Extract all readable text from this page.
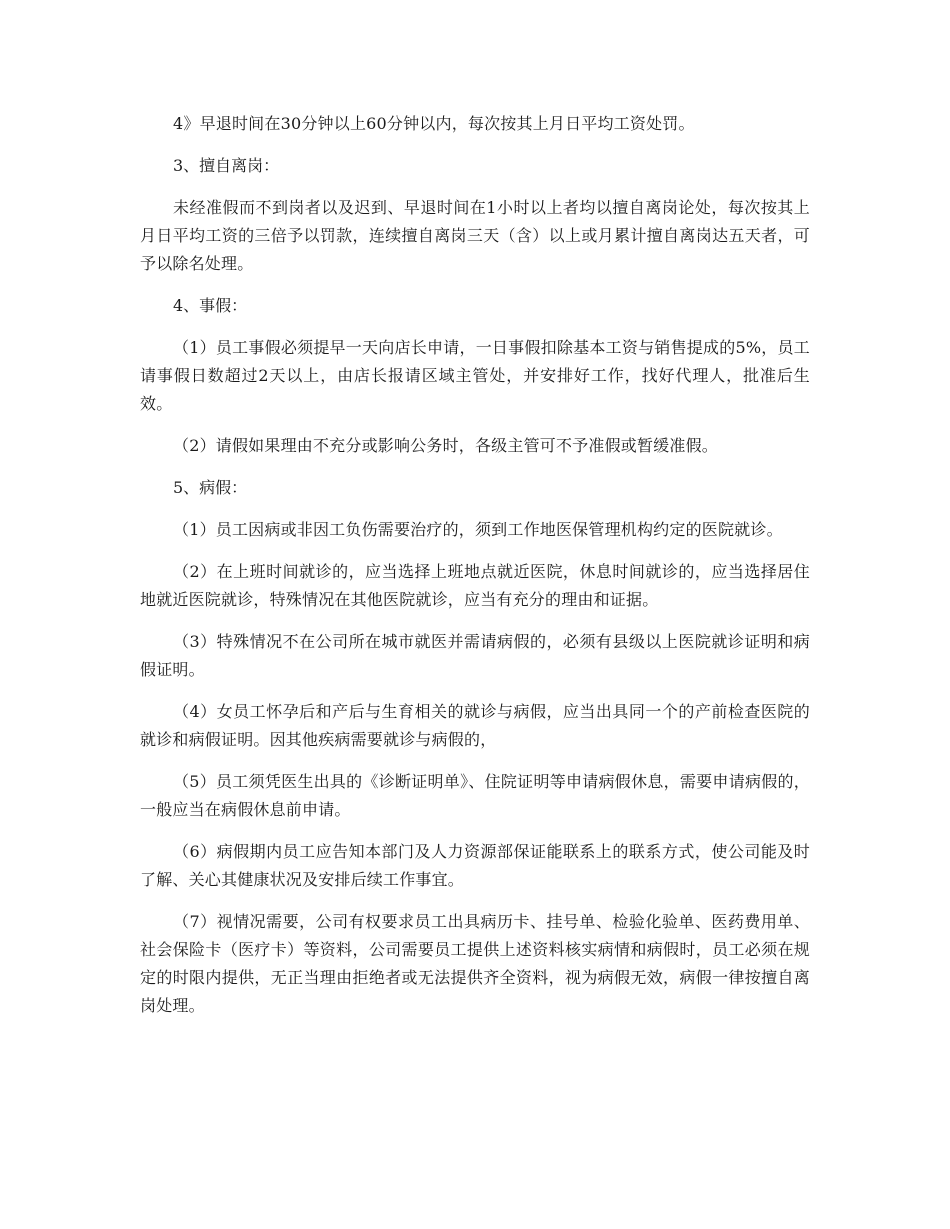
4》早退时间在30分钟以上60分钟以内，每次按其上月日平均工资处罚。

3、擅自离岗：

未经准假而不到岗者以及迟到、早退时间在1小时以上者均以擅自离岗论处，每次按其上月日平均工资的三倍予以罚款，连续擅自离岗三天（含）以上或月累计擅自离岗达五天者，可予以除名处理。

4、事假：

（1）员工事假必须提早一天向店长申请，一日事假扣除基本工资与销售提成的5%，员工请事假日数超过2天以上，由店长报请区域主管处，并安排好工作，找好代理人，批准后生效。

（2）请假如果理由不充分或影响公务时，各级主管可不予准假或暂缓准假。

5、病假：

（1）员工因病或非因工负伤需要治疗的，须到工作地医保管理机构约定的医院就诊。

（2）在上班时间就诊的，应当选择上班地点就近医院，休息时间就诊的，应当选择居住地就近医院就诊，特殊情况在其他医院就诊，应当有充分的理由和证据。

（3）特殊情况不在公司所在城市就医并需请病假的，必须有县级以上医院就诊证明和病假证明。

（4）女员工怀孕后和产后与生育相关的就诊与病假，应当出具同一个的产前检查医院的就诊和病假证明。因其他疾病需要就诊与病假的，

（5）员工须凭医生出具的《诊断证明单》、住院证明等申请病假休息，需要申请病假的，一般应当在病假休息前申请。

（6）病假期内员工应告知本部门及人力资源部保证能联系上的联系方式，使公司能及时了解、关心其健康状况及安排后续工作事宜。

（7）视情况需要，公司有权要求员工出具病历卡、挂号单、检验化验单、医药费用单、社会保险卡（医疗卡）等资料，公司需要员工提供上述资料核实病情和病假时，员工必须在规定的时限内提供，无正当理由拒绝者或无法提供齐全资料，视为病假无效，病假一律按擅自离岗处理。
